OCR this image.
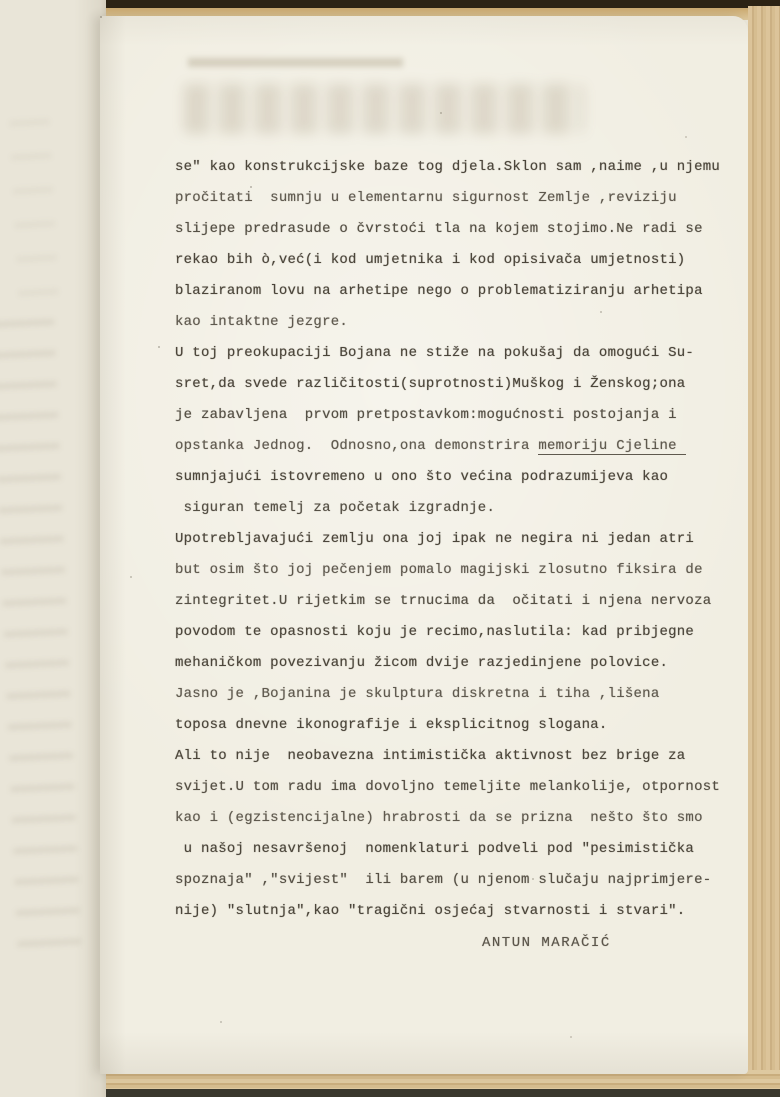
se" kao konstrukcijske baze tog djela.Sklon sam ,naime ,u njemu
pročitati  sumnju u elementarnu sigurnost Zemlje ,reviziju
slijepe predrasude o čvrstoći tla na kojem stojimo.Ne radi se
rekao bih ò,već(i kod umjetnika i kod opisivača umjetnosti)
blaziranom lovu na arhetipe nego o problematiziranju arhetipa
kao intaktne jezgre.
U toj preokupaciji Bojana ne stiže na pokušaj da omogući Su-
sret,da svede različitosti(suprotnosti)Muškog i Ženskog;ona
je zabavljena  prvom pretpostavkom:mogućnosti postojanja i
opstanka Jednog.  Odnosno,ona demonstrira memoriju Cjeline
sumnjajući istovremeno u ono što većina podrazumijeva kao
siguran temelj za početak izgradnje.
Upotrebljavajući zemlju ona joj ipak ne negira ni jedan atri
but osim što joj pečenjem pomalo magijski zlosutno fiksira de
zintegritet.U rijetkim se trnucima da  očitati i njena nervoza
povodom te opasnosti koju je recimo,naslutila: kad pribjegne
mehaničkom povezivanju žicom dvije razjedinjene polovice.
Jasno je ,Bojanina je skulptura diskretna i tiha ,lišena
toposa dnevne ikonografije i eksplicitnog slogana.
Ali to nije  neobavezna intimistička aktivnost bez brige za
svijet.U tom radu ima dovoljno temeljite melankolije, otpornost
kao i (egzistencijalne) hrabrosti da se prizna  nešto što smo
u našoj nesavršenoj  nomenklaturi podveli pod "pesimistička
spoznaja" ,"svijest"  ili barem (u njenom slučaju najprimjere-
nije) "slutnja",kao "tragični osjećaj stvarnosti i stvari".
ANTUN MARAČIĆ
